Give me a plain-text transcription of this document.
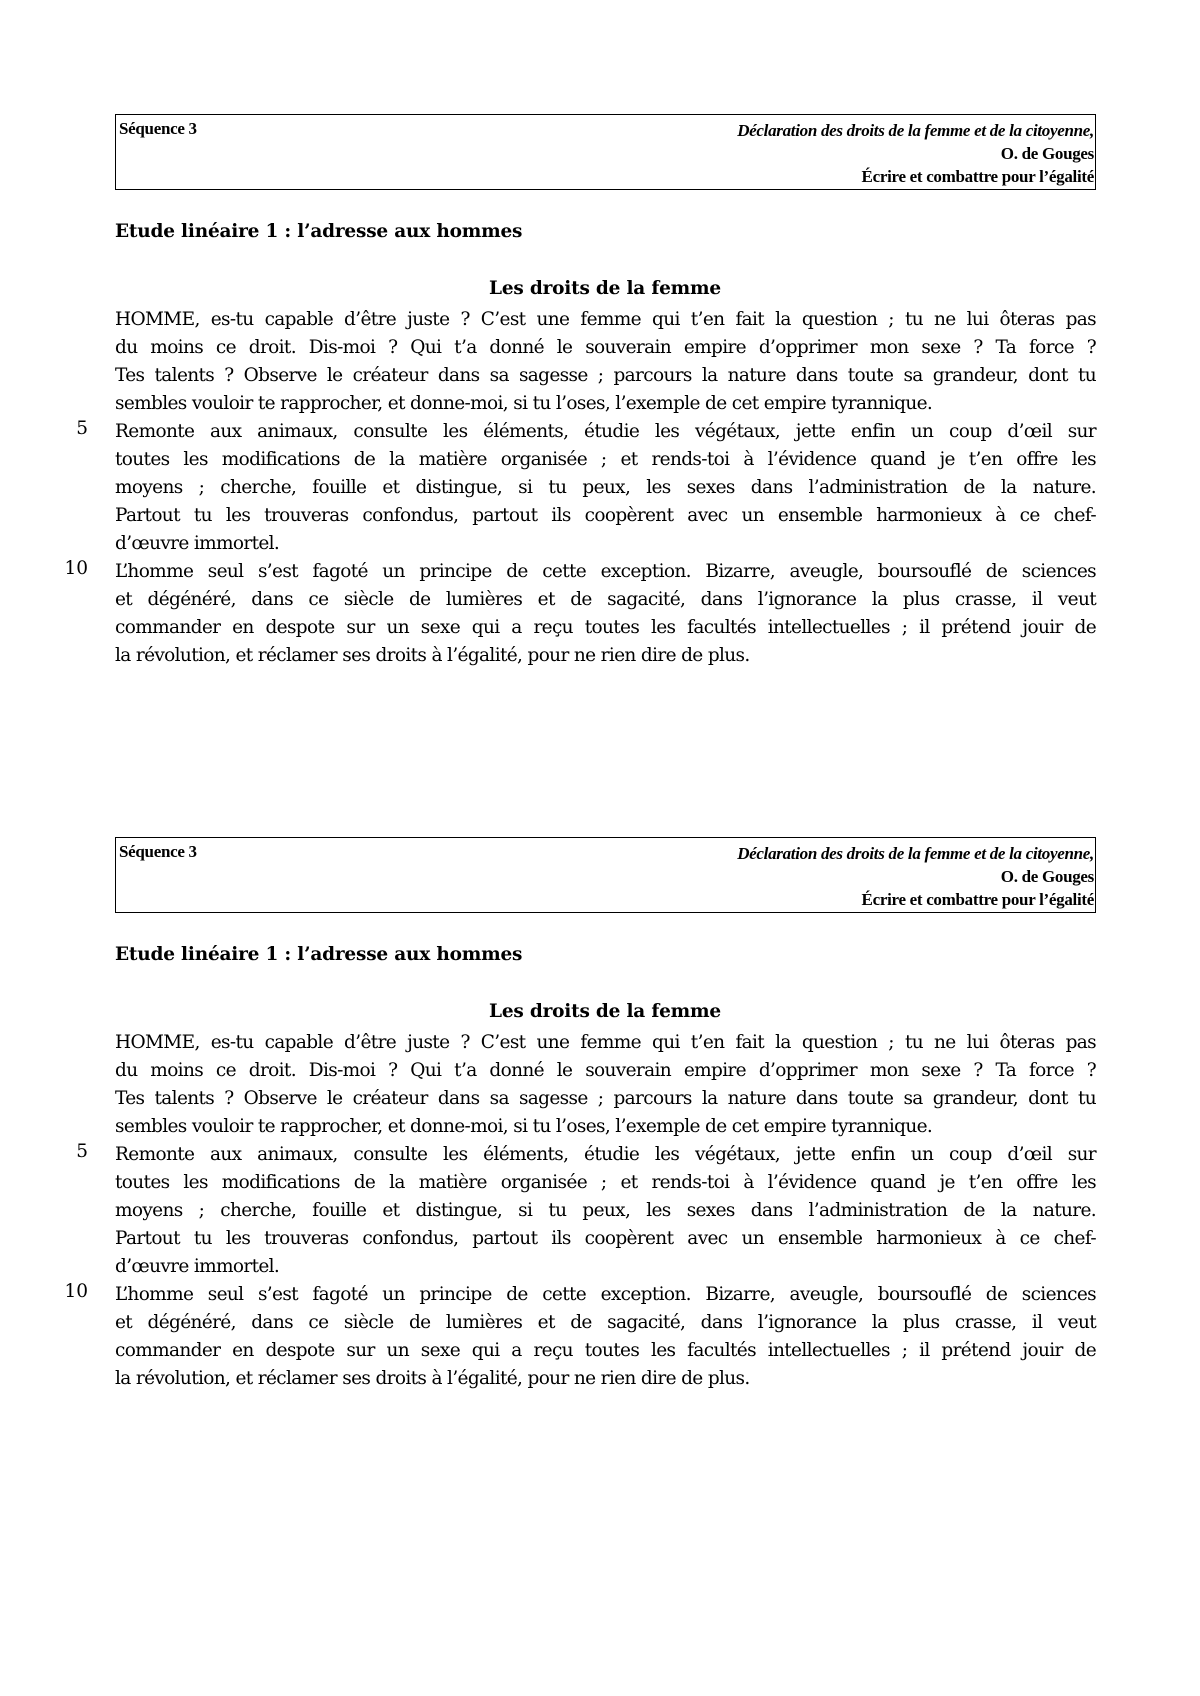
Séquence 3	Déclaration des droits de la femme et de la citoyenne,
O. de Gouges
Écrire et combattre pour l’égalité
Etude linéaire 1 : l’adresse aux hommes
Les droits de la femme
5
10
HOMME, es-tu capable d’être juste ? C’est une femme qui t’en fait la question ; tu ne lui ôteras pas
du moins ce droit. Dis-moi ? Qui t’a donné le souverain empire d’opprimer mon sexe ? Ta force ?
Tes talents ? Observe le créateur dans sa sagesse ; parcours la nature dans toute sa grandeur, dont tu
sembles vouloir te rapprocher, et donne-moi, si tu l’oses, l’exemple de cet empire tyrannique.
Remonte aux animaux, consulte les éléments, étudie les végétaux, jette enfin un coup d’œil sur
toutes les modifications de la matière organisée ; et rends-toi à l’évidence quand je t’en offre les
moyens ; cherche, fouille et distingue, si tu peux, les sexes dans l’administration de la nature.
Partout tu les trouveras confondus, partout ils coopèrent avec un ensemble harmonieux à ce chef-
d’œuvre immortel.
L’homme seul s’est fagoté un principe de cette exception. Bizarre, aveugle, boursouflé de sciences
et dégénéré, dans ce siècle de lumières et de sagacité, dans l’ignorance la plus crasse, il veut
commander en despote sur un sexe qui a reçu toutes les facultés intellectuelles ; il prétend jouir de
la révolution, et réclamer ses droits à l’égalité, pour ne rien dire de plus.
Séquence 3	Déclaration des droits de la femme et de la citoyenne,
O. de Gouges
Écrire et combattre pour l’égalité
Etude linéaire 1 : l’adresse aux hommes
Les droits de la femme
5
10
HOMME, es-tu capable d’être juste ? C’est une femme qui t’en fait la question ; tu ne lui ôteras pas
du moins ce droit. Dis-moi ? Qui t’a donné le souverain empire d’opprimer mon sexe ? Ta force ?
Tes talents ? Observe le créateur dans sa sagesse ; parcours la nature dans toute sa grandeur, dont tu
sembles vouloir te rapprocher, et donne-moi, si tu l’oses, l’exemple de cet empire tyrannique.
Remonte aux animaux, consulte les éléments, étudie les végétaux, jette enfin un coup d’œil sur
toutes les modifications de la matière organisée ; et rends-toi à l’évidence quand je t’en offre les
moyens ; cherche, fouille et distingue, si tu peux, les sexes dans l’administration de la nature.
Partout tu les trouveras confondus, partout ils coopèrent avec un ensemble harmonieux à ce chef-
d’œuvre immortel.
L’homme seul s’est fagoté un principe de cette exception. Bizarre, aveugle, boursouflé de sciences
et dégénéré, dans ce siècle de lumières et de sagacité, dans l’ignorance la plus crasse, il veut
commander en despote sur un sexe qui a reçu toutes les facultés intellectuelles ; il prétend jouir de
la révolution, et réclamer ses droits à l’égalité, pour ne rien dire de plus.
